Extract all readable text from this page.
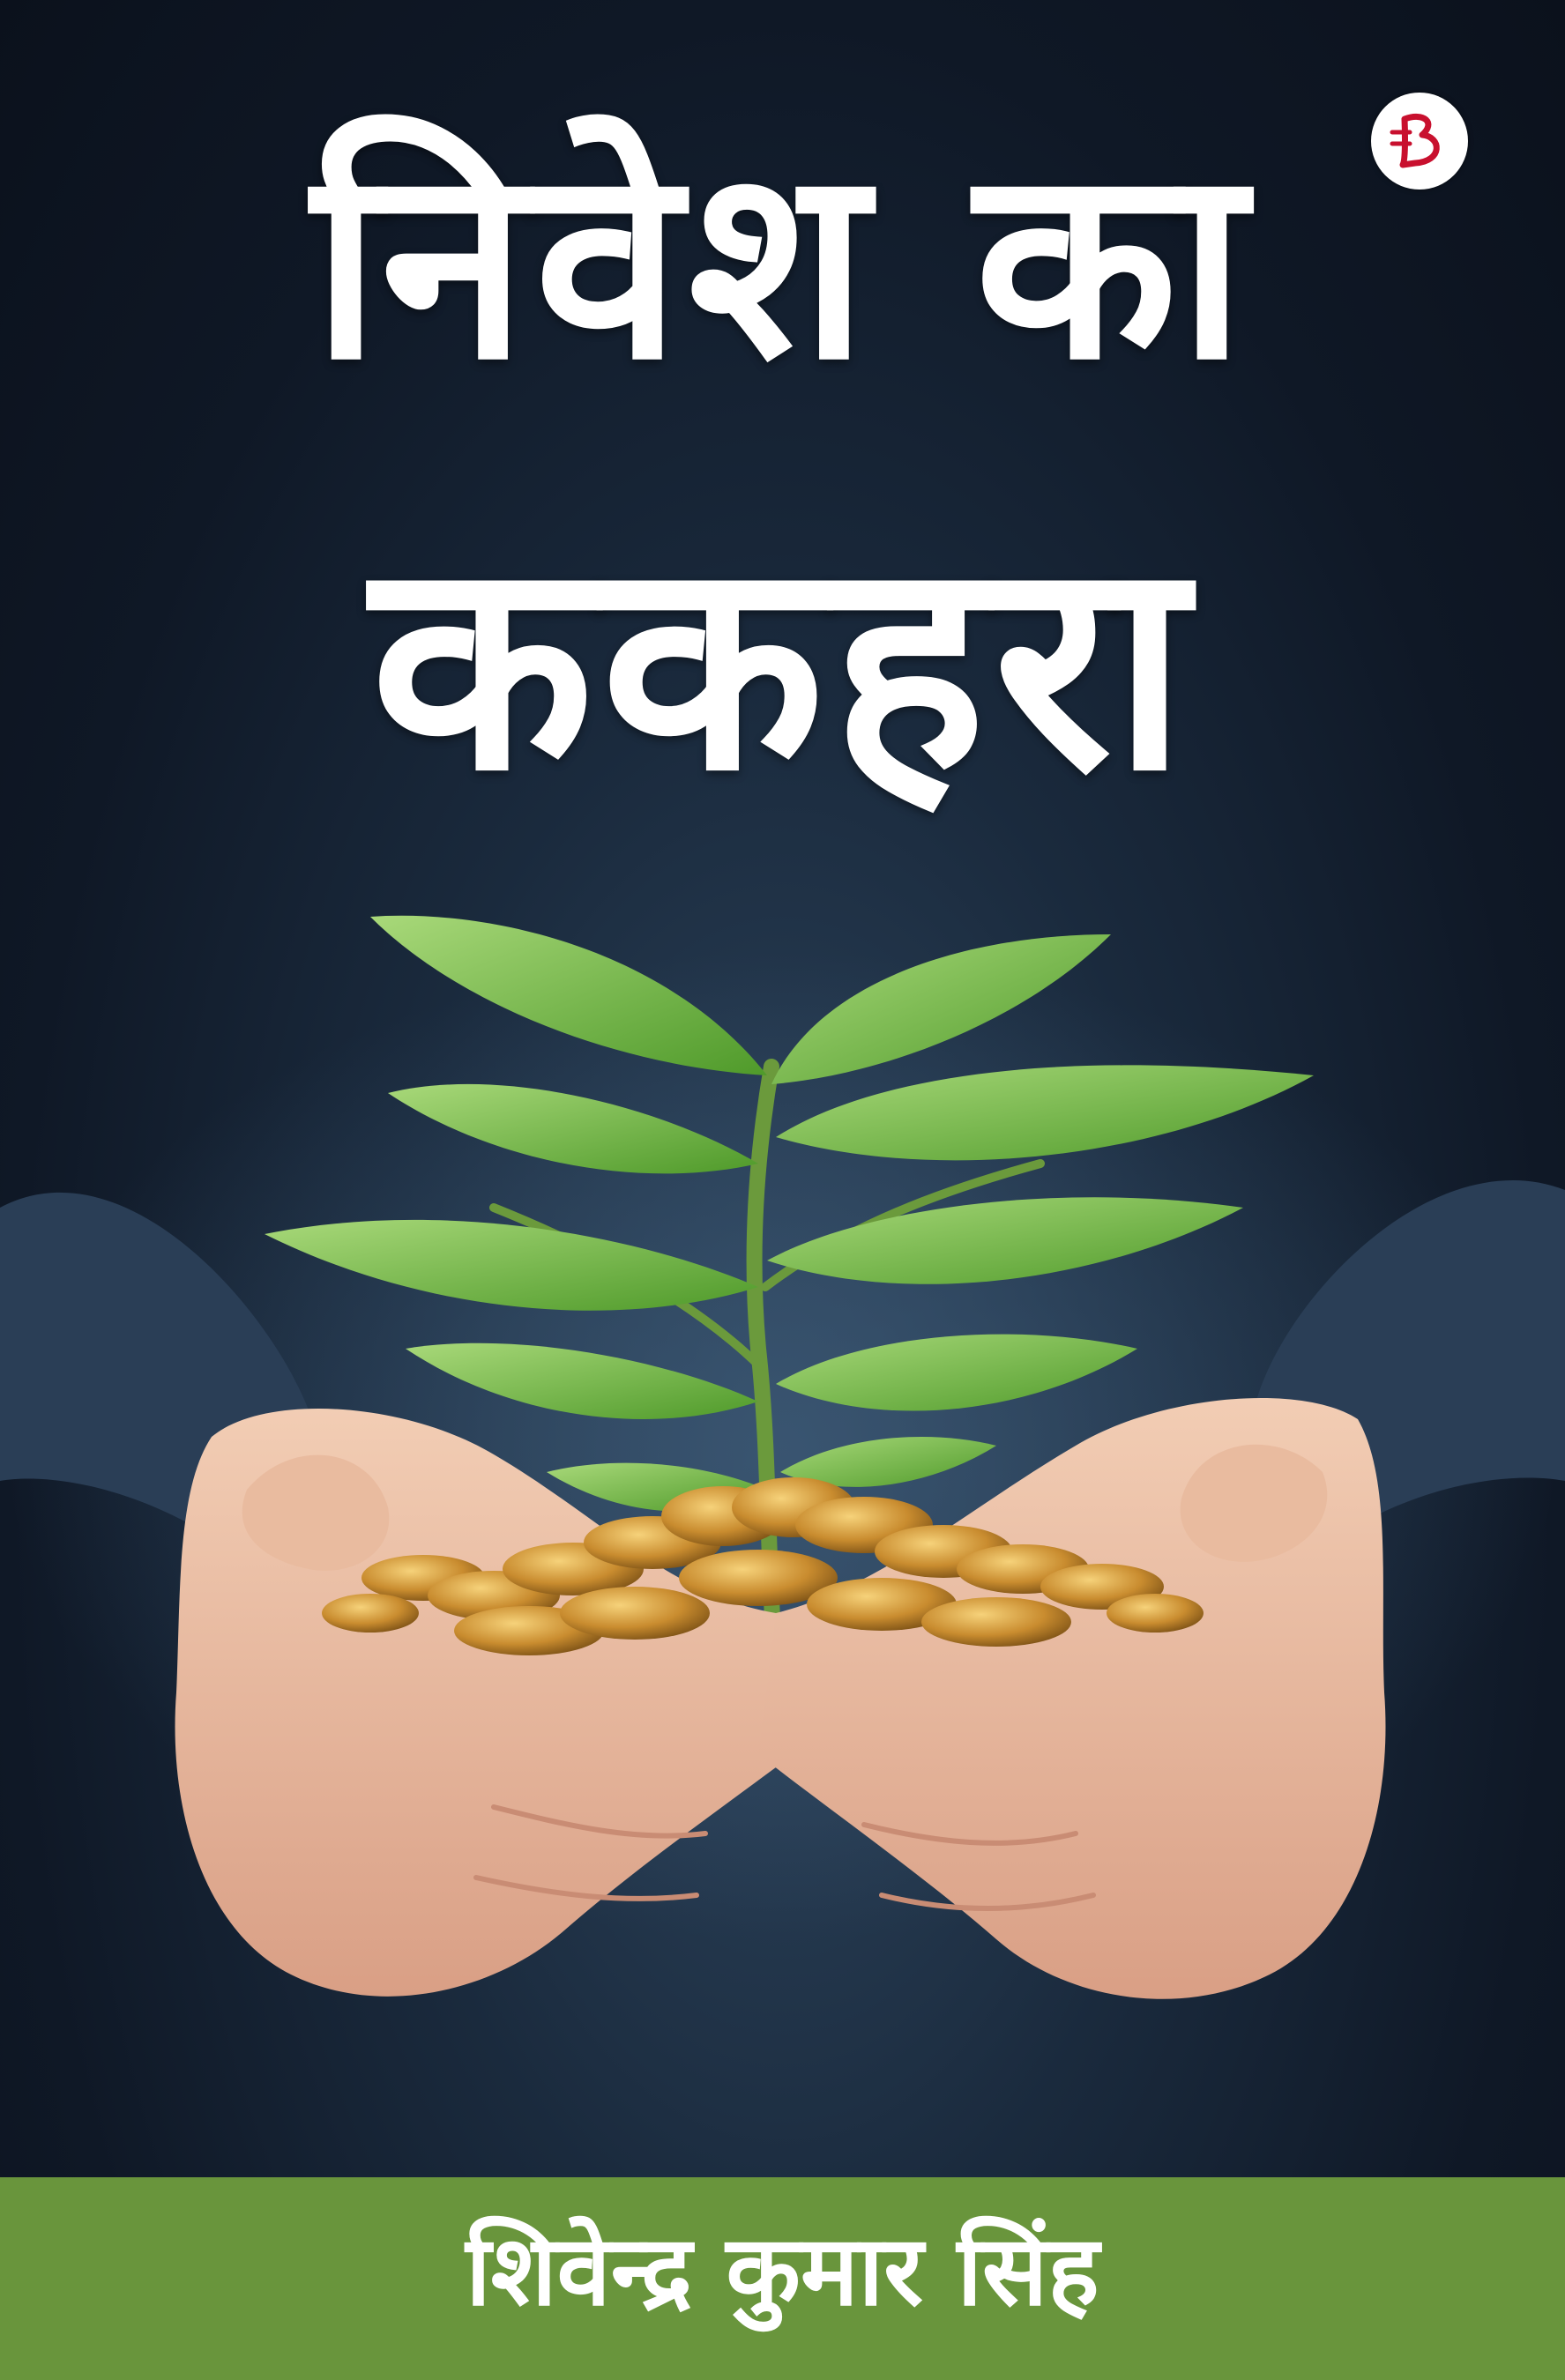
निवेश का
ककहरा
शिवेन्द्र कुमार सिंह
